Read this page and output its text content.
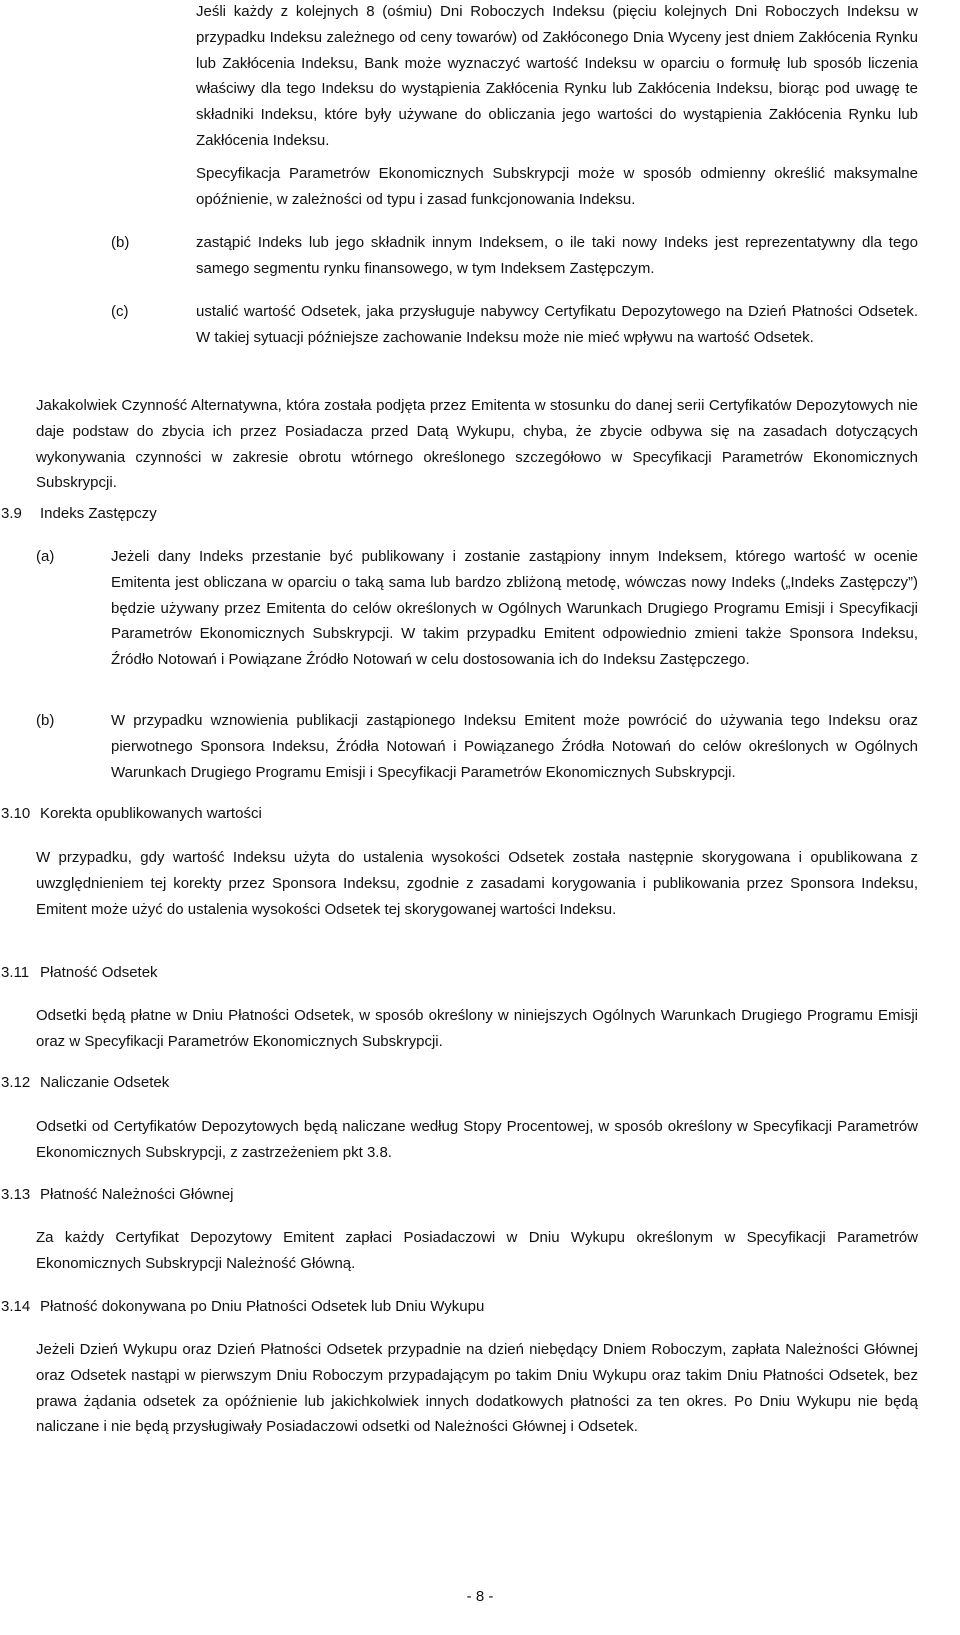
Jeśli każdy z kolejnych 8 (ośmiu) Dni Roboczych Indeksu (pięciu kolejnych Dni Roboczych Indeksu w przypadku Indeksu zależnego od ceny towarów) od Zakłóconego Dnia Wyceny jest dniem Zakłócenia Rynku lub Zakłócenia Indeksu, Bank może wyznaczyć wartość Indeksu w oparciu o formułę lub sposób liczenia właściwy dla tego Indeksu do wystąpienia Zakłócenia Rynku lub Zakłócenia Indeksu, biorąc pod uwagę te składniki Indeksu, które były używane do obliczania jego wartości do wystąpienia Zakłócenia Rynku lub Zakłócenia Indeksu.

Specyfikacja Parametrów Ekonomicznych Subskrypcji może w sposób odmienny określić maksymalne opóźnienie, w zależności od typu i zasad funkcjonowania Indeksu.

(b)	zastąpić Indeks lub jego składnik innym Indeksem, o ile taki nowy Indeks jest reprezentatywny dla tego samego segmentu rynku finansowego, w tym Indeksem Zastępczym.

(c)	ustalić wartość Odsetek, jaka przysługuje nabywcy Certyfikatu Depozytowego na Dzień Płatności Odsetek. W takiej sytuacji późniejsze zachowanie Indeksu może nie mieć wpływu na wartość Odsetek.

Jakakolwiek Czynność Alternatywna, która została podjęta przez Emitenta w stosunku do danej serii Certyfikatów Depozytowych nie daje podstaw do zbycia ich przez Posiadacza przed Datą Wykupu, chyba, że zbycie odbywa się na zasadach dotyczących wykonywania czynności w zakresie obrotu wtórnego określonego szczegółowo w Specyfikacji Parametrów Ekonomicznych Subskrypcji.

3.9 Indeks Zastępczy
(a)	Jeżeli dany Indeks przestanie być publikowany i zostanie zastąpiony innym Indeksem, którego wartość w ocenie Emitenta jest obliczana w oparciu o taką sama lub bardzo zbliżoną metodę, wówczas nowy Indeks („Indeks Zastępczy”) będzie używany przez Emitenta do celów określonych w Ogólnych Warunkach Drugiego Programu Emisji i Specyfikacji Parametrów Ekonomicznych Subskrypcji. W takim przypadku Emitent odpowiednio zmieni także Sponsora Indeksu, Źródło Notowań i Powiązane Źródło Notowań w celu dostosowania ich do Indeksu Zastępczego.

(b)	W przypadku wznowienia publikacji zastąpionego Indeksu Emitent może powrócić do używania tego Indeksu oraz pierwotnego Sponsora Indeksu, Źródła Notowań i Powiązanego Źródła Notowań do celów określonych w Ogólnych Warunkach Drugiego Programu Emisji i Specyfikacji Parametrów Ekonomicznych Subskrypcji.

3.10 Korekta opublikowanych wartości

W przypadku, gdy wartość Indeksu użyta do ustalenia wysokości Odsetek została następnie skorygowana i opublikowana z uwzględnieniem tej korekty przez Sponsora Indeksu, zgodnie z zasadami korygowania i publikowania przez Sponsora Indeksu, Emitent może użyć do ustalenia wysokości Odsetek tej skorygowanej wartości Indeksu.

3.11 Płatność Odsetek

Odsetki będą płatne w Dniu Płatności Odsetek, w sposób określony w niniejszych Ogólnych Warunkach Drugiego Programu Emisji oraz w Specyfikacji Parametrów Ekonomicznych Subskrypcji.

3.12 Naliczanie Odsetek

Odsetki od Certyfikatów Depozytowych będą naliczane według Stopy Procentowej, w sposób określony w Specyfikacji Parametrów Ekonomicznych Subskrypcji, z zastrzeżeniem pkt 3.8.

3.13 Płatność Należności Głównej

Za każdy Certyfikat Depozytowy Emitent zapłaci Posiadaczowi w Dniu Wykupu określonym w Specyfikacji Parametrów Ekonomicznych Subskrypcji Należność Główną.

3.14 Płatność dokonywana po Dniu Płatności Odsetek lub Dniu Wykupu

Jeżeli Dzień Wykupu oraz Dzień Płatności Odsetek przypadnie na dzień niebędący Dniem Roboczym, zapłata Należności Głównej oraz Odsetek nastąpi w pierwszym Dniu Roboczym przypadającym po takim Dniu Wykupu oraz takim Dniu Płatności Odsetek, bez prawa żądania odsetek za opóźnienie lub jakichkolwiek innych dodatkowych płatności za ten okres. Po Dniu Wykupu nie będą naliczane i nie będą przysługiwały Posiadaczowi odsetki od Należności Głównej i Odsetek.

- 8 -
